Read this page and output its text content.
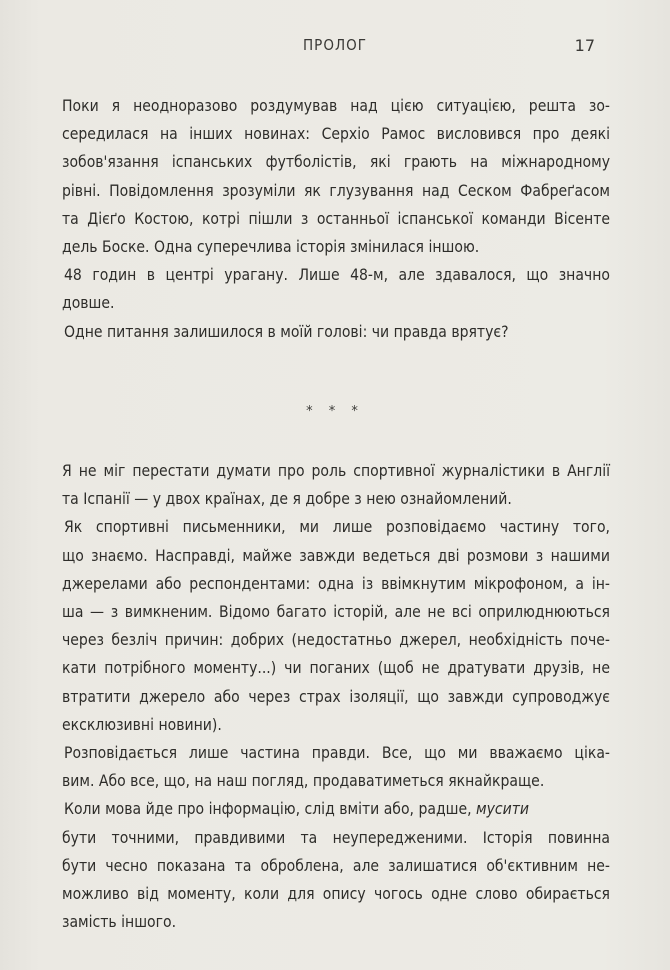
ПРОЛОГ	17
Поки я неодноразово роздумував над цією ситуацією, решта зо-
середилася на інших новинах: Серхіо Рамос висловився про деякі
зобов'язання іспанських футболістів, які грають на міжнародному
рівні. Повідомлення зрозуміли як глузування над Сеском Фабреґасом
та Дієґо Костою, котрі пішли з останньої іспанської команди Вісенте
дель Боске. Одна суперечлива історія змінилася іншою.
48 годин в центрі урагану. Лише 48-м, але здавалося, що значно
довше.
Одне питання залишилося в моїй голові: чи правда врятує?
* * *
Я не міг перестати думати про роль спортивної журналістики в Англії
та Іспанії — у двох країнах, де я добре з нею ознайомлений.
Як спортивні письменники, ми лише розповідаємо частину того,
що знаємо. Насправді, майже завжди ведеться дві розмови з нашими
джерелами або респондентами: одна із ввімкнутим мікрофоном, а ін-
ша — з вимкненим. Відомо багато історій, але не всі оприлюднюються
через безліч причин: добрих (недостатньо джерел, необхідність поче-
кати потрібного моменту...) чи поганих (щоб не дратувати друзів, не
втратити джерело або через страх ізоляції, що завжди супроводжує
ексклюзивні новини).
Розповідається лише частина правди. Все, що ми вважаємо ціка-
вим. Або все, що, на наш погляд, продаватиметься якнайкраще.
Коли мова йде про інформацію, слід вміти або, радше, мусити
бути точними, правдивими та неупередженими. Історія повинна
бути чесно показана та оброблена, але залишатися об'єктивним не-
можливо від моменту, коли для опису чогось одне слово обирається
замість іншого.
